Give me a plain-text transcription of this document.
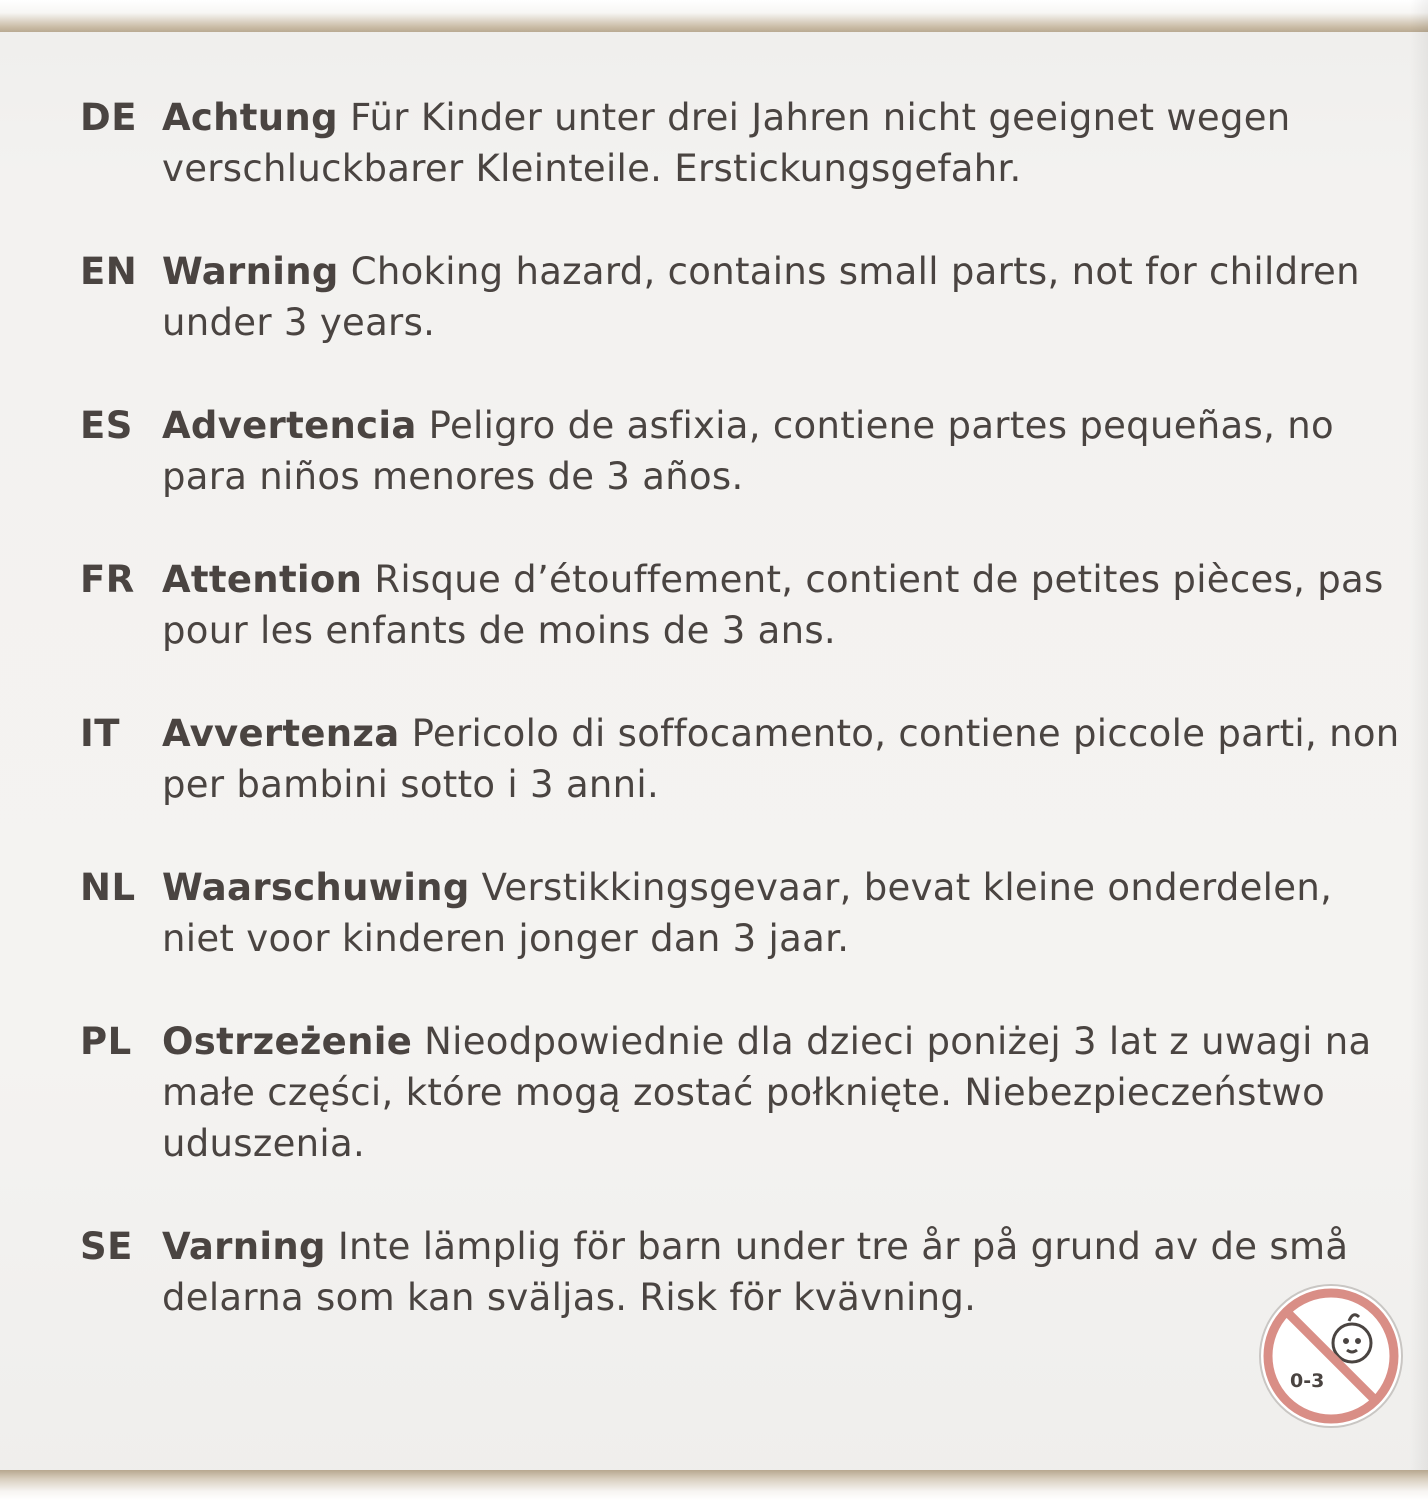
DE Achtung Für Kinder unter drei Jahren nicht geeignet wegen verschluckbarer Kleinteile. Erstickungsgefahr.
EN Warning Choking hazard, contains small parts, not for children under 3 years.
ES Advertencia Peligro de asfixia, contiene partes pequeñas, no para niños menores de 3 años.
FR Attention Risque d’étouffement, contient de petites pièces, pas pour les enfants de moins de 3 ans.
IT	Avvertenza Pericolo di soffocamento, contiene piccole parti, non per bambini sotto i 3 anni.
NL Waarschuwing Verstikkingsgevaar, bevat kleine onderdelen, niet voor kinderen jonger dan 3 jaar.
PL Ostrzeżenie Nieodpowiednie dla dzieci poniżej 3 lat z uwagi na małe części, które mogą zostać połknięte. Niebezpieczeństwo uduszenia.
SE Varning Inte lämplig för barn under tre år på grund av de små delarna som kan sväljas. Risk för kvävning.
0-3
